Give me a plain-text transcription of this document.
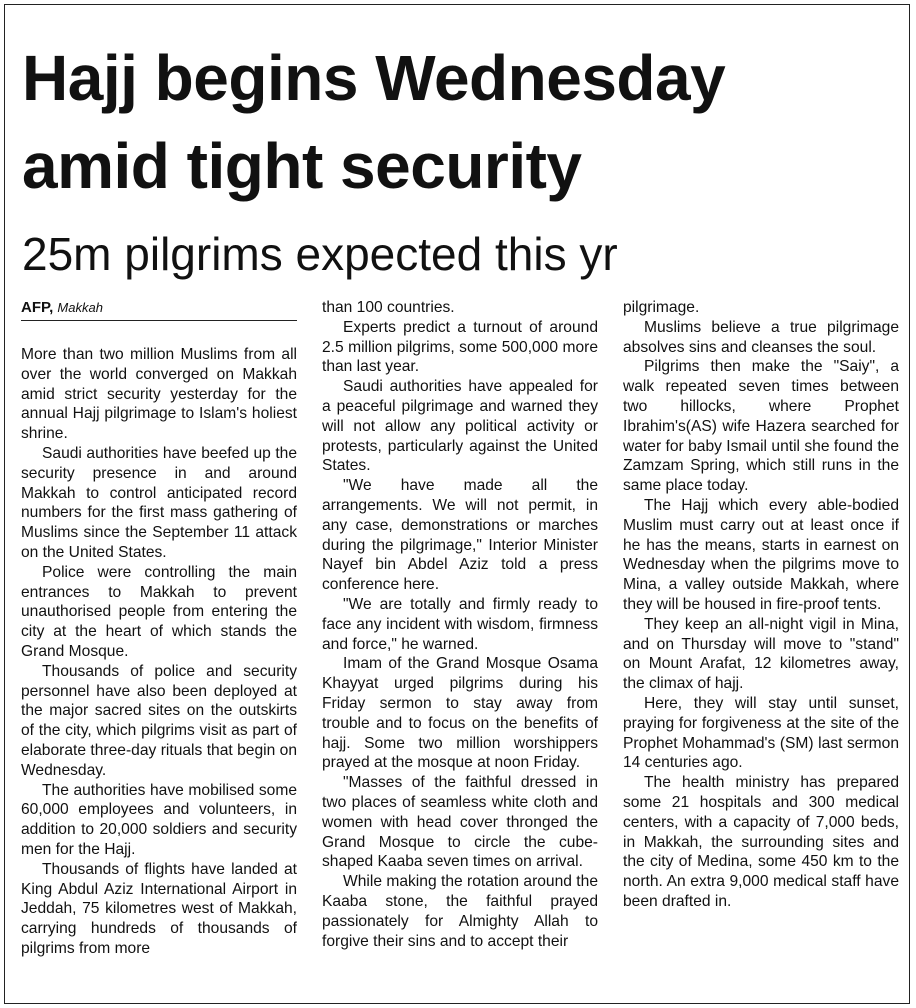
Hajj begins Wednesday
amid tight security
25m pilgrims expected this yr
AFP, Makkah

More than two million Muslims from all over the world converged on Makkah amid strict security yesterday for the annual Hajj pilgrimage to Islam's holiest shrine.

Saudi authorities have beefed up the security presence in and around Makkah to control anticipated record numbers for the first mass gathering of Muslims since the September 11 attack on the United States.

Police were controlling the main entrances to Makkah to prevent unauthorised people from entering the city at the heart of which stands the Grand Mosque.

Thousands of police and security personnel have also been deployed at the major sacred sites on the outskirts of the city, which pilgrims visit as part of elaborate three-day rituals that begin on Wednesday.

The authorities have mobilised some 60,000 employees and volunteers, in addition to 20,000 soldiers and security men for the Hajj.

Thousands of flights have landed at King Abdul Aziz International Airport in Jeddah, 75 kilometres west of Makkah, carrying hundreds of thousands of pilgrims from more

than 100 countries.

Experts predict a turnout of around 2.5 million pilgrims, some 500,000 more than last year.

Saudi authorities have appealed for a peaceful pilgrimage and warned they will not allow any political activity or protests, particularly against the United States.

"We have made all the arrangements. We will not permit, in any case, demonstrations or marches during the pilgrimage," Interior Minister Nayef bin Abdel Aziz told a press conference here.

"We are totally and firmly ready to face any incident with wisdom, firmness and force," he warned.

Imam of the Grand Mosque Osama Khayyat urged pilgrims during his Friday sermon to stay away from trouble and to focus on the benefits of hajj. Some two million worshippers prayed at the mosque at noon Friday.

"Masses of the faithful dressed in two places of seamless white cloth and women with head cover thronged the Grand Mosque to circle the cube-shaped Kaaba seven times on arrival.

While making the rotation around the Kaaba stone, the faithful prayed passionately for Almighty Allah to forgive their sins and to accept their

pilgrimage.

Muslims believe a true pilgrimage absolves sins and cleanses the soul.

Pilgrims then make the "Saiy", a walk repeated seven times between two hillocks, where Prophet Ibrahim's(AS) wife Hazera searched for water for baby Ismail until she found the Zamzam Spring, which still runs in the same place today.

The Hajj which every able-bodied Muslim must carry out at least once if he has the means, starts in earnest on Wednesday when the pilgrims move to Mina, a valley outside Makkah, where they will be housed in fire-proof tents.

They keep an all-night vigil in Mina, and on Thursday will move to "stand" on Mount Arafat, 12 kilometres away, the climax of hajj.

Here, they will stay until sunset, praying for forgiveness at the site of the Prophet Mohammad's (SM) last sermon 14 centuries ago.

The health ministry has prepared some 21 hospitals and 300 medical centers, with a capacity of 7,000 beds, in Makkah, the surrounding sites and the city of Medina, some 450 km to the north. An extra 9,000 medical staff have been drafted in.
